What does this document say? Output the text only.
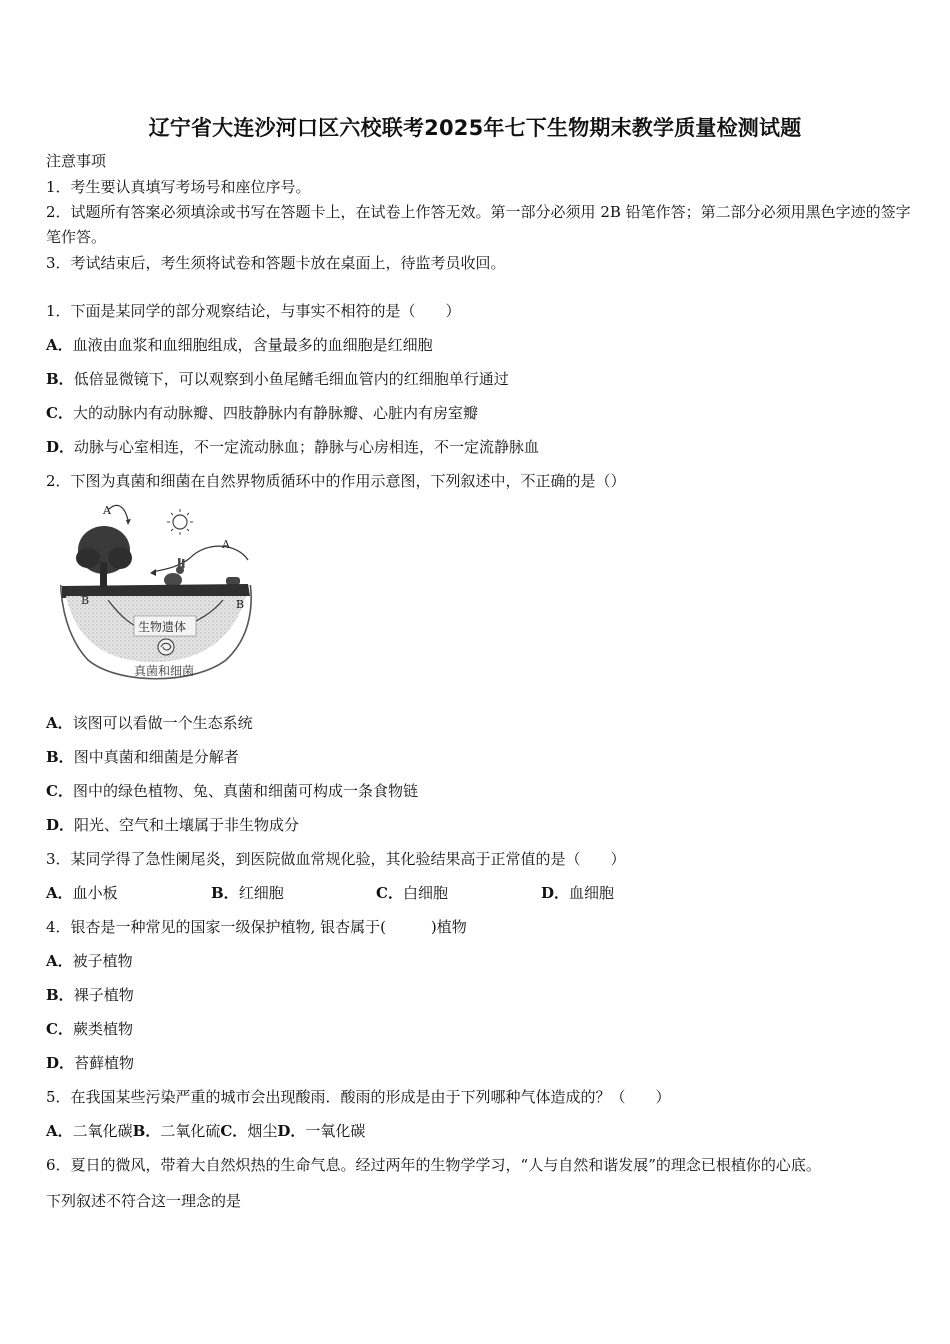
辽宁省大连沙河口区六校联考2025年七下生物期末教学质量检测试题
注意事项
1．考生要认真填写考场号和座位序号。
2．试题所有答案必须填涂或书写在答题卡上，在试卷上作答无效。第一部分必须用 2B 铅笔作答；第二部分必须用黑色字迹的签字笔作答。
3．考试结束后，考生须将试卷和答题卡放在桌面上，待监考员收回。
1．下面是某同学的部分观察结论，与事实不相符的是（　　）
A．血液由血浆和血细胞组成，含量最多的血细胞是红细胞
B．低倍显微镜下，可以观察到小鱼尾鳍毛细血管内的红细胞单行通过
C．大的动脉内有动脉瓣、四肢静脉内有静脉瓣、心脏内有房室瓣
D．动脉与心室相连，不一定流动脉血；静脉与心房相连，不一定流静脉血
2．下图为真菌和细菌在自然界物质循环中的作用示意图，下列叙述中，不正确的是（）
A
A
B	B
生物遗体
真菌和细菌
A．该图可以看做一个生态系统
B．图中真菌和细菌是分解者
C．图中的绿色植物、兔、真菌和细菌可构成一条食物链
D．阳光、空气和土壤属于非生物成分
3．某同学得了急性阑尾炎，到医院做血常规化验，其化验结果高于正常值的是（　　）
A．血小板	B．红细胞	C．白细胞	D．血细胞
4．银杏是一种常见的国家一级保护植物, 银杏属于(　　　)植物
A．被子植物
B．裸子植物
C．蕨类植物
D．苔藓植物
5．在我国某些污染严重的城市会出现酸雨．酸雨的形成是由于下列哪种气体造成的？（　　）
A．二氧化碳B．二氧化硫C．烟尘D．一氧化碳
6．夏日的微风，带着大自然炽热的生命气息。经过两年的生物学学习，“人与自然和谐发展”的理念已根植你的心底。
下列叙述不符合这一理念的是
